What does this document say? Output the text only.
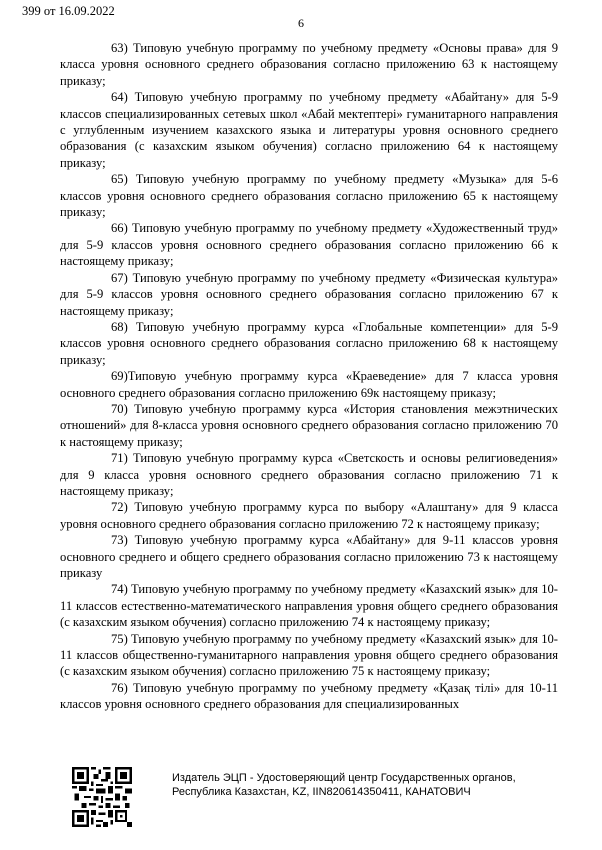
399 от 16.09.2022
6

63) Типовую учебную программу по учебному предмету «Основы права» для 9 класса уровня основного среднего образования согласно приложению 63 к настоящему приказу;

64) Типовую учебную программу по учебному предмету «Абайтану» для 5-9 классов специализированных сетевых школ «Абай мектептері» гуманитарного направления с углубленным изучением казахского языка и литературы уровня основного среднего образования (с казахским языком обучения) согласно приложению 64 к настоящему приказу;

65) Типовую учебную программу по учебному предмету «Музыка» для 5-6 классов уровня основного среднего образования согласно приложению 65 к настоящему приказу;

66) Типовую учебную программу по учебному предмету «Художественный труд» для 5-9 классов уровня основного среднего образования согласно приложению 66 к настоящему приказу;

67) Типовую учебную программу по учебному предмету «Физическая культура» для 5-9 классов уровня основного среднего образования согласно приложению 67 к настоящему приказу;

68) Типовую учебную программу курса «Глобальные компетенции» для 5-9 классов уровня основного среднего образования согласно приложению 68 к настоящему приказу;

69)Типовую учебную программу курса «Краеведение» для 7 класса уровня основного среднего образования согласно приложению 69к настоящему приказу;

70) Типовую учебную программу курса «История становления межэтнических отношений» для 8-класса уровня основного среднего образования согласно приложению 70 к настоящему приказу;

71) Типовую учебную программу курса «Светскость и основы религиоведения» для 9 класса уровня основного среднего образования согласно приложению 71 к настоящему приказу;

72) Типовую учебную программу курса по выбору «Алаштану» для 9 класса уровня основного среднего образования согласно приложению 72 к настоящему приказу;

73) Типовую учебную программу курса «Абайтану» для 9-11 классов уровня основного среднего и общего среднего образования согласно приложению 73 к настоящему приказу

74) Типовую учебную программу по учебному предмету «Казахский язык» для 10-11 классов естественно-математического направления уровня общего среднего образования (с казахским языком обучения) согласно приложению 74 к настоящему приказу;

75) Типовую учебную программу по учебному предмету «Казахский язык» для 10-11 классов общественно-гуманитарного направления уровня общего среднего образования (с казахским языком обучения) согласно приложению 75 к настоящему приказу;

76) Типовую учебную программу по учебному предмету «Қазақ тілі» для 10-11 классов уровня основного среднего образования для специализированных

Издатель ЭЦП - Удостоверяющий центр Государственных органов,
Республика Казахстан, KZ, IIN820614350411, КАНАТОВИЧ
